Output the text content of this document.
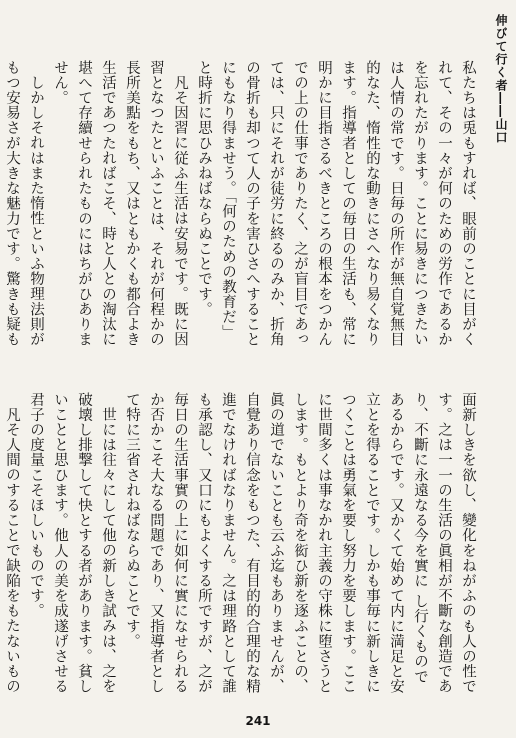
伸びて行く者――山口

私たちは兎もすれば、眼前のことに目がくれて、その一々が何のための労作であるかを忘れたがります。ことに易きにつきたいは人情の常です。日毎の所作が無自覚無目的なた、惰性的な動きにさへなり易くなります。指導者としての毎日の生活も、常に明かに目指さるべきところの根本をつかんでの上の仕事でありたく、之が盲目であっては、只にそれが徒労に終るのみか、折角の骨折も却つて人の子を害ひさへすることにもなり得ませう。「何のための教育だ」と時折に思ひみねばならぬことです。

凡そ因習に従ふ生活は安易です。既に因習となつたといふことは、それが何程かの長所美點をもち、又はともかくも都合よき生活であつたればこそ、時と人との淘汰に堪へて存續せられたものにはちがひありません。

しかしそれはまた惰性といふ物理法則がもつ安易さが大きな魅力です。驚きも疑も

面新しきを欲し、變化をねがふのも人の性です。之は一一の生活の眞相が不斷な創造であり、不斷に永遠なる今を實に し行くものであるからです。又かくて始めて内に満足と安立とを得ることです。しかも事毎に新しきにつくことは勇氣を要し努力を要します。ここに世間多くは事なかれ主義の守株に堕さうとします。もとより奇を衒ひ新を逐ふことの、眞の道でないことも云ふ迄もありませんが、自覺あり信念をもつた、有目的的合理的な精進でなければなりません。之は理路として誰も承認し、又口にもよくする所ですが、之が毎日の生活事實の上に如何に實になせられるか否かこそ大なる問題であり、又指導者として特に三省されねばならぬことです。

世には往々にして他の新しき試みは、之を破壊し排撃して快とする者があります。貧しいことと思ひます。他人の美を成遂げさせる君子の度量こそほしいものです。

凡そ人間のすることで缺陥をもたないもの

241
